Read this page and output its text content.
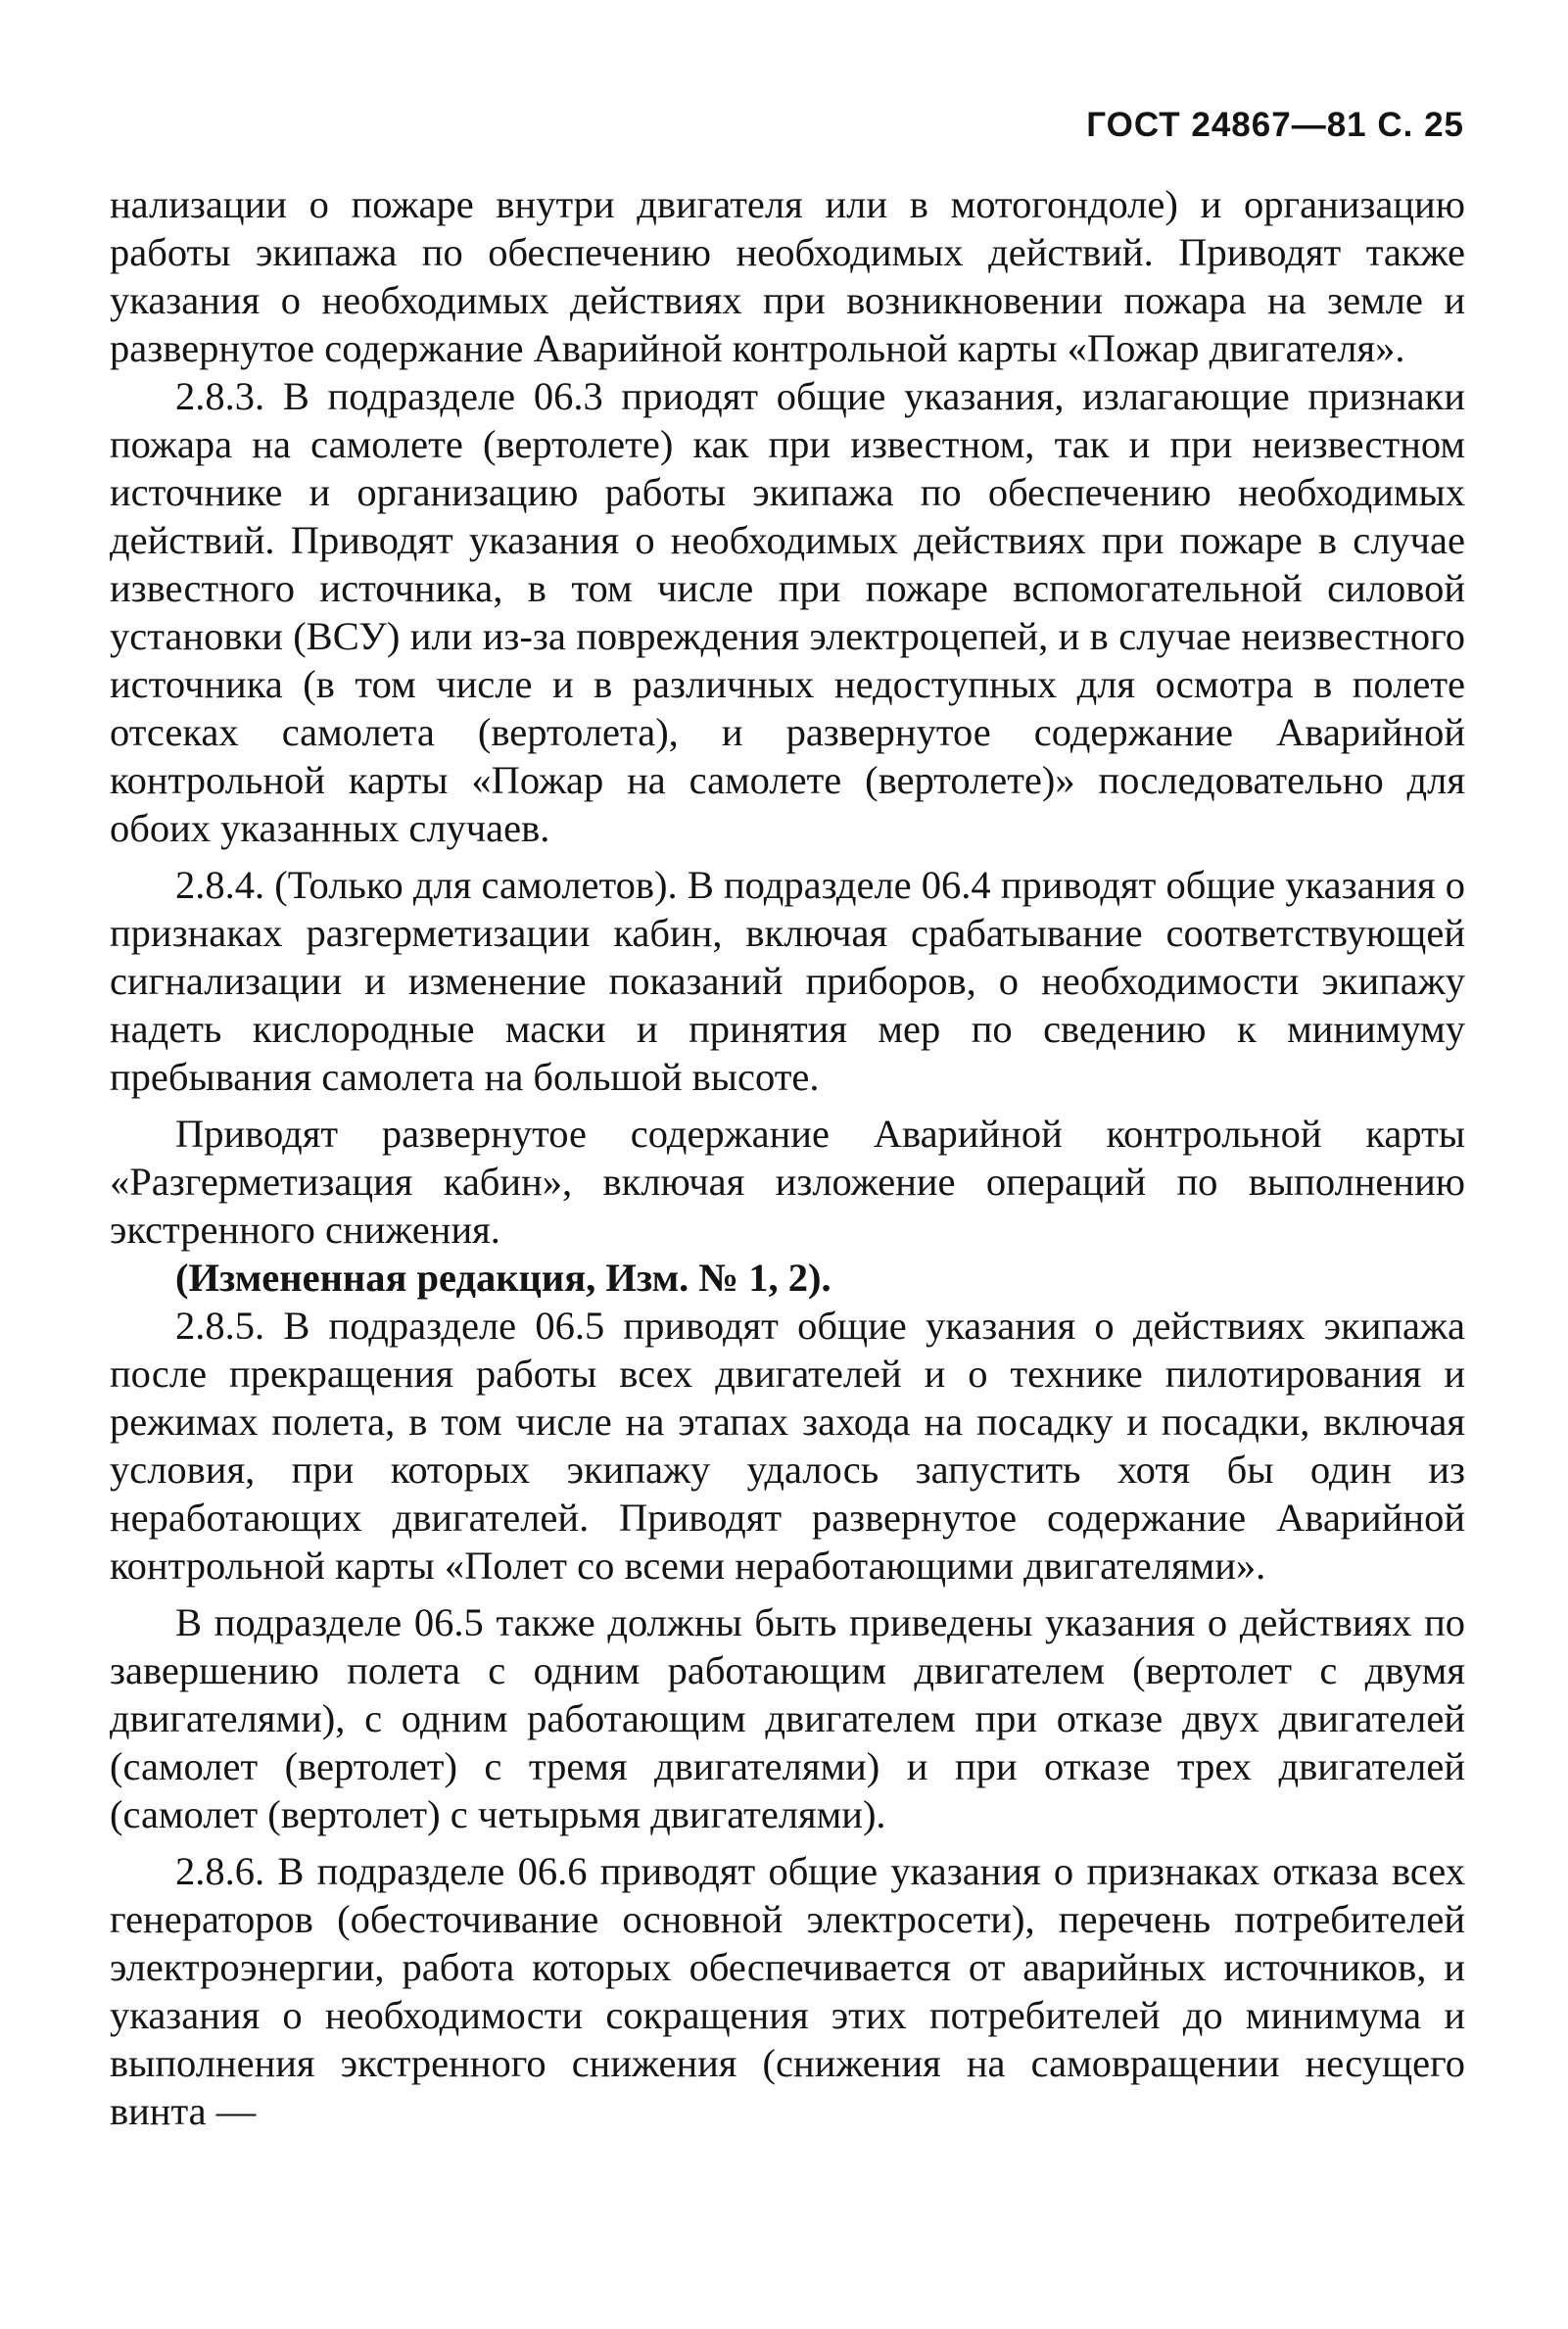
ГОСТ 24867—81 С. 25

нализации о пожаре внутри двигателя или в мотогондоле) и организацию работы экипажа по обеспечению необходимых действий. Приводят также указания о необходимых действиях при возникновении пожара на земле и развернутое содержание Аварийной контрольной карты «Пожар двигателя».

2.8.3. В подразделе 06.3 приодят общие указания, излагающие признаки пожара на самолете (вертолете) как при известном, так и при неизвестном источнике и организацию работы экипажа по обеспечению необходимых действий. Приводят указания о необходимых действиях при пожаре в случае известного источника, в том числе при пожаре вспомогательной силовой установки (ВСУ) или из-за повреждения электроцепей, и в случае неизвестного источника (в том числе и в различных недоступных для осмотра в полете отсеках самолета (вертолета), и развернутое содержание Аварийной контрольной карты «Пожар на самолете (вертолете)» последовательно для обоих указанных случаев.

2.8.4. (Только для самолетов). В подразделе 06.4 приводят общие указания о признаках разгерметизации кабин, включая срабатывание соответствующей сигнализации и изменение показаний приборов, о необходимости экипажу надеть кислородные маски и принятия мер по сведению к минимуму пребывания самолета на большой высоте.

Приводят развернутое содержание Аварийной контрольной карты «Разгерметизация кабин», включая изложение операций по выполнению экстренного снижения.

(Измененная редакция, Изм. № 1, 2).

2.8.5. В подразделе 06.5 приводят общие указания о действиях экипажа после прекращения работы всех двигателей и о технике пилотирования и режимах полета, в том числе на этапах захода на посадку и посадки, включая условия, при которых экипажу удалось запустить хотя бы один из неработающих двигателей. Приводят развернутое содержание Аварийной контрольной карты «Полет со всеми неработающими двигателями».

В подразделе 06.5 также должны быть приведены указания о действиях по завершению полета с одним работающим двигателем (вертолет с двумя двигателями), с одним работающим двигателем при отказе двух двигателей (самолет (вертолет) с тремя двигателями) и при отказе трех двигателей (самолет (вертолет) с четырьмя двигателями).

2.8.6. В подразделе 06.6 приводят общие указания о признаках отказа всех генераторов (обесточивание основной электросети), перечень потребителей электроэнергии, работа которых обеспечивается от аварийных источников, и указания о необходимости сокращения этих потребителей до минимума и выполнения экстренного снижения (снижения на самовращении несущего винта —
